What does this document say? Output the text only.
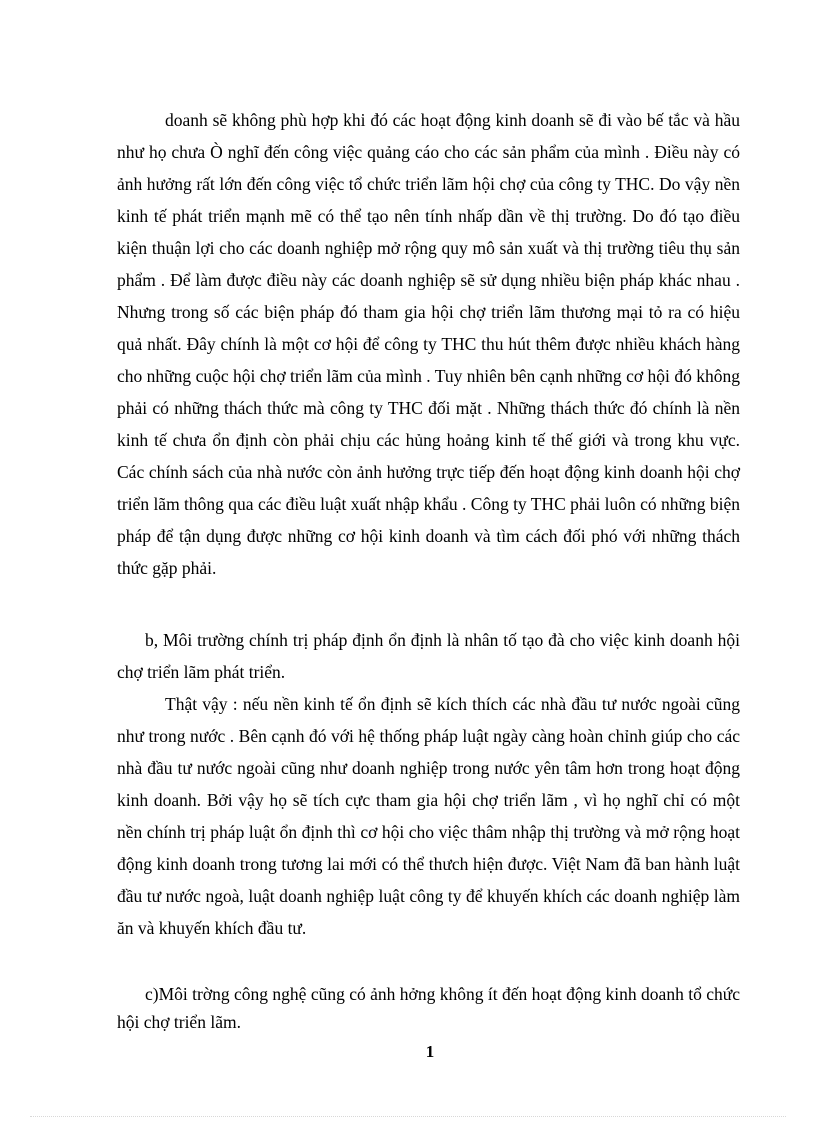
doanh sẽ không phù hợp khi đó các hoạt động kinh doanh sẽ đi vào bế tắc và hầu như họ chưa Ò nghĩ đến công việc quảng cáo cho các sản phẩm của mình . Điều này có ảnh hưởng rất lớn đến công việc tổ chức triển lãm hội chợ của công ty THC. Do vậy nền kinh tế phát triển mạnh mẽ có thể tạo nên tính nhấp dần về thị trường. Do đó tạo điều kiện thuận lợi cho các doanh nghiệp mở rộng quy mô sản xuất và thị trường tiêu thụ sản phẩm . Để làm được điều này các doanh nghiệp sẽ sử dụng nhiều biện pháp khác nhau . Nhưng trong số các biện pháp đó tham gia hội chợ triển lãm thương mại tỏ ra có hiệu quả nhất. Đây chính là một cơ hội để công ty THC thu hút thêm được nhiều khách hàng cho những cuộc hội chợ triển lãm của mình . Tuy nhiên bên cạnh những cơ hội đó không phải có những thách thức mà công ty THC đối mặt . Những thách thức đó chính là nền kinh tế chưa ổn định còn phải chịu các hủng hoảng kinh tế thế giới và trong khu vực. Các chính sách của nhà nước còn ảnh hưởng trực tiếp đến hoạt động kinh doanh hội chợ triển lãm thông qua các điều luật xuất nhập khẩu . Công ty THC phải luôn có những biện pháp để tận dụng được những cơ hội kinh doanh và tìm cách đối phó với những thách thức gặp phải.

b, Môi trường chính trị pháp định ổn định là nhân tố tạo đà cho việc kinh doanh hội chợ triển lãm phát triển.

Thật vậy : nếu nền kinh tế ổn định sẽ kích thích các nhà đầu tư nước ngoài cũng như trong nước . Bên cạnh đó với hệ thống pháp luật ngày càng hoàn chỉnh giúp cho các nhà đầu tư nước ngoài cũng như doanh nghiệp trong nước yên tâm hơn trong hoạt động kinh doanh. Bởi vậy họ sẽ tích cực tham gia hội chợ triển lãm , vì họ nghĩ chỉ có một nền chính trị pháp luật ổn định thì cơ hội cho việc thâm nhập thị trường và mở rộng hoạt động kinh doanh trong tương lai mới có thể thưch hiện được. Việt Nam đã ban hành luật đầu tư nước ngoà, luật doanh nghiệp luật công ty để khuyến khích các doanh nghiệp làm ăn và khuyến khích đầu tư.

c)Môi trờng công nghệ cũng có ảnh hởng không ít đến hoạt động kinh doanh tổ chức hội chợ triển lãm.

1
